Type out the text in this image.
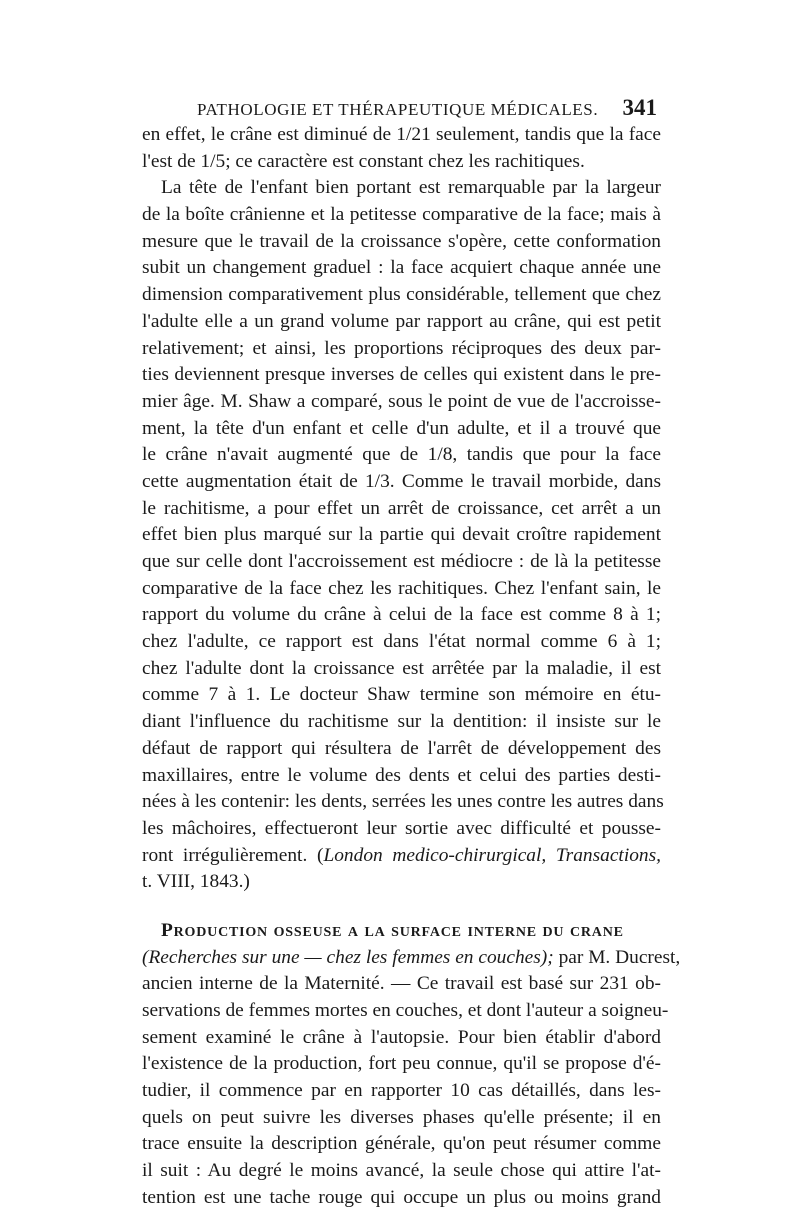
PATHOLOGIE ET THÉRAPEUTIQUE MÉDICALES. 341
en effet, le crâne est diminué de 1/21 seulement, tandis que la face
l'est de 1/5; ce caractère est constant chez les rachitiques.
La tête de l'enfant bien portant est remarquable par la largeur
de la boîte crânienne et la petitesse comparative de la face; mais à
mesure que le travail de la croissance s'opère, cette conformation
subit un changement graduel : la face acquiert chaque année une
dimension comparativement plus considérable, tellement que chez
l'adulte elle a un grand volume par rapport au crâne, qui est petit
relativement; et ainsi, les proportions réciproques des deux par-
ties deviennent presque inverses de celles qui existent dans le pre-
mier âge. M. Shaw a comparé, sous le point de vue de l'accroisse-
ment, la tête d'un enfant et celle d'un adulte, et il a trouvé que
le crâne n'avait augmenté que de 1/8, tandis que pour la face
cette augmentation était de 1/3. Comme le travail morbide, dans
le rachitisme, a pour effet un arrêt de croissance, cet arrêt a un
effet bien plus marqué sur la partie qui devait croître rapidement
que sur celle dont l'accroissement est médiocre : de là la petitesse
comparative de la face chez les rachitiques. Chez l'enfant sain, le
rapport du volume du crâne à celui de la face est comme 8 à 1;
chez l'adulte, ce rapport est dans l'état normal comme 6 à 1;
chez l'adulte dont la croissance est arrêtée par la maladie, il est
comme 7 à 1. Le docteur Shaw termine son mémoire en étu-
diant l'influence du rachitisme sur la dentition: il insiste sur le
défaut de rapport qui résultera de l'arrêt de développement des
maxillaires, entre le volume des dents et celui des parties desti-
nées à les contenir: les dents, serrées les unes contre les autres dans
les mâchoires, effectueront leur sortie avec difficulté et pousse-
ront irrégulièrement. (London medico-chirurgical, Transactions,
t. VIII, 1843.)
Production osseuse a la surface interne du crane
(Recherches sur une — chez les femmes en couches); par M. Ducrest,
ancien interne de la Maternité. — Ce travail est basé sur 231 ob-
servations de femmes mortes en couches, et dont l'auteur a soigneu-
sement examiné le crâne à l'autopsie. Pour bien établir d'abord
l'existence de la production, fort peu connue, qu'il se propose d'é-
tudier, il commence par en rapporter 10 cas détaillés, dans les-
quels on peut suivre les diverses phases qu'elle présente; il en
trace ensuite la description générale, qu'on peut résumer comme
il suit : Au degré le moins avancé, la seule chose qui attire l'at-
tention est une tache rouge qui occupe un plus ou moins grand
